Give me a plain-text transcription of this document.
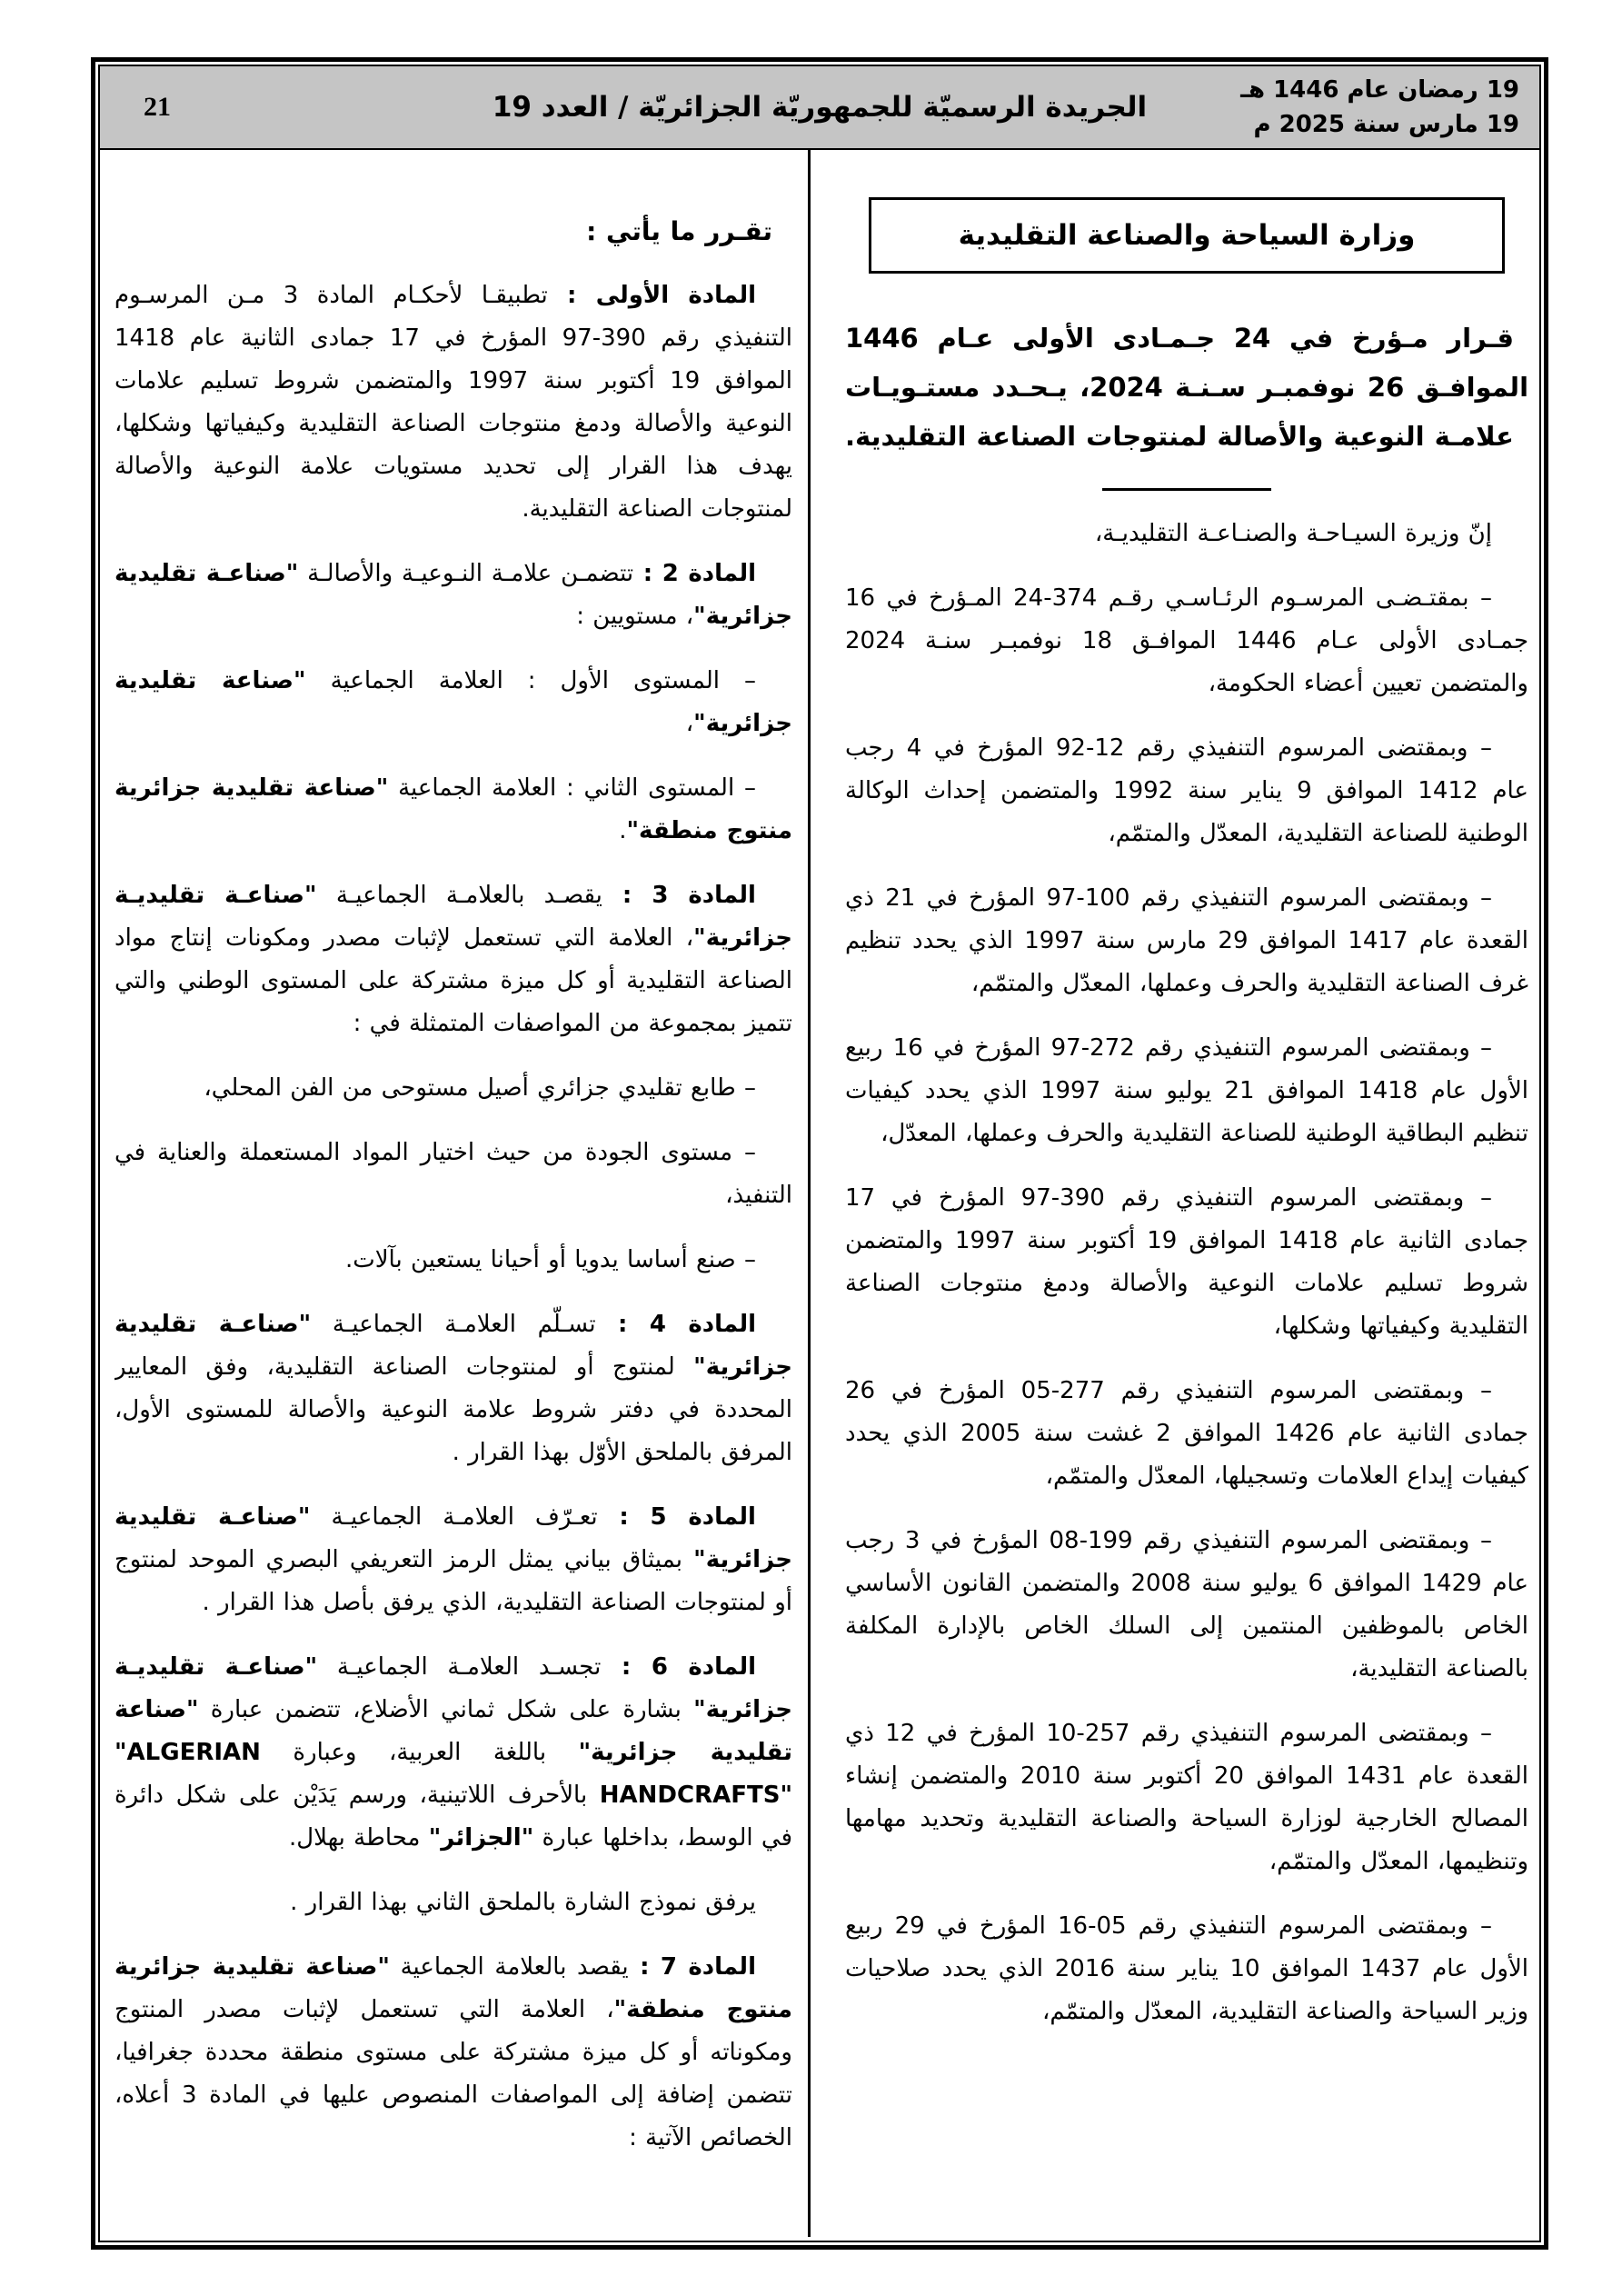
الجريدة الرسميّة للجمهوريّة الجزائريّة / العدد 19
19 رمضان عام 1446 هـ
19 مارس سنة 2025 م
21
وزارة السياحة والصناعة التقليدية
قـرار مـؤرخ في 24 جـمـادى الأولى عـام 1446 الموافـق 26 نوفمبـر سـنـة 2024، يـحـدد مستـويـات علامـة النوعية والأصالة لمنتوجات الصناعة التقليدية.
إنّ وزيرة السيـاحـة والصنـاعـة التقليديـة،
– بمقتـضـى المرسـوم الرئـاسـي رقـم 374-24 المـؤرخ في 16 جمـادى الأولى عـام 1446 الموافـق 18 نوفمبـر سنـة 2024 والمتضمن تعيين أعضاء الحكومة،
– وبمقتضى المرسوم التنفيذي رقم 12-92 المؤرخ في 4 رجب عام 1412 الموافق 9 يناير سنة 1992 والمتضمن إحداث الوكالة الوطنية للصناعة التقليدية، المعدّل والمتمّم،
– وبمقتضى المرسوم التنفيذي رقم 100-97 المؤرخ في 21 ذي القعدة عام 1417 الموافق 29 مارس سنة 1997 الذي يحدد تنظيم غرف الصناعة التقليدية والحرف وعملها، المعدّل والمتمّم،
– وبمقتضى المرسوم التنفيذي رقم 272-97 المؤرخ في 16 ربيع الأول عام 1418 الموافق 21 يوليو سنة 1997 الذي يحدد كيفيات تنظيم البطاقية الوطنية للصناعة التقليدية والحرف وعملها، المعدّل،
– وبمقتضى المرسوم التنفيذي رقم 390-97 المؤرخ في 17 جمادى الثانية عام 1418 الموافق 19 أكتوبر سنة 1997 والمتضمن شروط تسليم علامات النوعية والأصالة ودمغ منتوجات الصناعة التقليدية وكيفياتها وشكلها،
– وبمقتضى المرسوم التنفيذي رقم 277-05 المؤرخ في 26 جمادى الثانية عام 1426 الموافق 2 غشت سنة 2005 الذي يحدد كيفيات إيداع العلامات وتسجيلها، المعدّل والمتمّم،
– وبمقتضى المرسوم التنفيذي رقم 199-08 المؤرخ في 3 رجب عام 1429 الموافق 6 يوليو سنة 2008 والمتضمن القانون الأساسي الخاص بالموظفين المنتمين إلى السلك الخاص بالإدارة المكلفة بالصناعة التقليدية،
– وبمقتضى المرسوم التنفيذي رقم 257-10 المؤرخ في 12 ذي القعدة عام 1431 الموافق 20 أكتوبر سنة 2010 والمتضمن إنشاء المصالح الخارجية لوزارة السياحة والصناعة التقليدية وتحديد مهامها وتنظيمها، المعدّل والمتمّم،
– وبمقتضى المرسوم التنفيذي رقم 05-16 المؤرخ في 29 ربيع الأول عام 1437 الموافق 10 يناير سنة 2016 الذي يحدد صلاحيات وزير السياحة والصناعة التقليدية، المعدّل والمتمّم،
تقـرر ما يأتي :
المادة الأولى : تطبيقـا لأحكـام المادة 3 مـن المرسـوم التنفيذي رقم 390-97 المؤرخ في 17 جمادى الثانية عام 1418 الموافق 19 أكتوبر سنة 1997 والمتضمن شروط تسليم علامات النوعية والأصالة ودمغ منتوجات الصناعة التقليدية وكيفياتها وشكلها، يهدف هذا القرار إلى تحديد مستويات علامة النوعية والأصالة لمنتوجات الصناعة التقليدية.
المادة 2 : تتضمـن علامـة النـوعيـة والأصالـة "صناعـة تقليدية جزائرية"، مستويين :
– المستوى الأول : العلامة الجماعية "صناعة تقليدية جزائرية"،
– المستوى الثاني : العلامة الجماعية "صناعة تقليدية جزائرية منتوج منطقة".
المادة 3 : يقصـد بالعلامـة الجماعيـة "صناعـة تقليديـة جزائرية"، العلامة التي تستعمل لإثبات مصدر ومكونات إنتاج مواد الصناعة التقليدية أو كل ميزة مشتركة على المستوى الوطني والتي تتميز بمجموعة من المواصفات المتمثلة في :
– طابع تقليدي جزائري أصيل مستوحى من الفن المحلي،
– مستوى الجودة من حيث اختيار المواد المستعملة والعناية في التنفيذ،
– صنع أساسا يدويا أو أحيانا يستعين بآلات.
المادة 4 : تسـلّم العلامـة الجماعيـة "صناعـة تقليدية جزائرية" لمنتوج أو لمنتوجات الصناعة التقليدية، وفق المعايير المحددة في دفتر شروط علامة النوعية والأصالة للمستوى الأول، المرفق بالملحق الأوّل بهذا القرار .
المادة 5 : تعـرّف العلامـة الجماعيـة "صناعـة تقليدية جزائرية" بميثاق بياني يمثل الرمز التعريفي البصري الموحد لمنتوج أو لمنتوجات الصناعة التقليدية، الذي يرفق بأصل هذا القرار .
المادة 6 : تجسـد العلامـة الجماعيـة "صناعـة تقليديـة جزائرية" بشارة على شكل ثماني الأضلاع، تتضمن عبارة "صناعة تقليدية جزائرية" باللغة العربية، وعبارة "ALGERIAN HANDCRAFTS" بالأحرف اللاتينية، ورسم يَدَيْن على شكل دائرة في الوسط، بداخلها عبارة "الجزائر" محاطة بهلال.
يرفق نموذج الشارة بالملحق الثاني بهذا القرار .
المادة 7 : يقصد بالعلامة الجماعية "صناعة تقليدية جزائرية منتوج منطقة"، العلامة التي تستعمل لإثبات مصدر المنتوج ومكوناته أو كل ميزة مشتركة على مستوى منطقة محددة جغرافيا، تتضمن إضافة إلى المواصفات المنصوص عليها في المادة 3 أعلاه، الخصائص الآتية :
